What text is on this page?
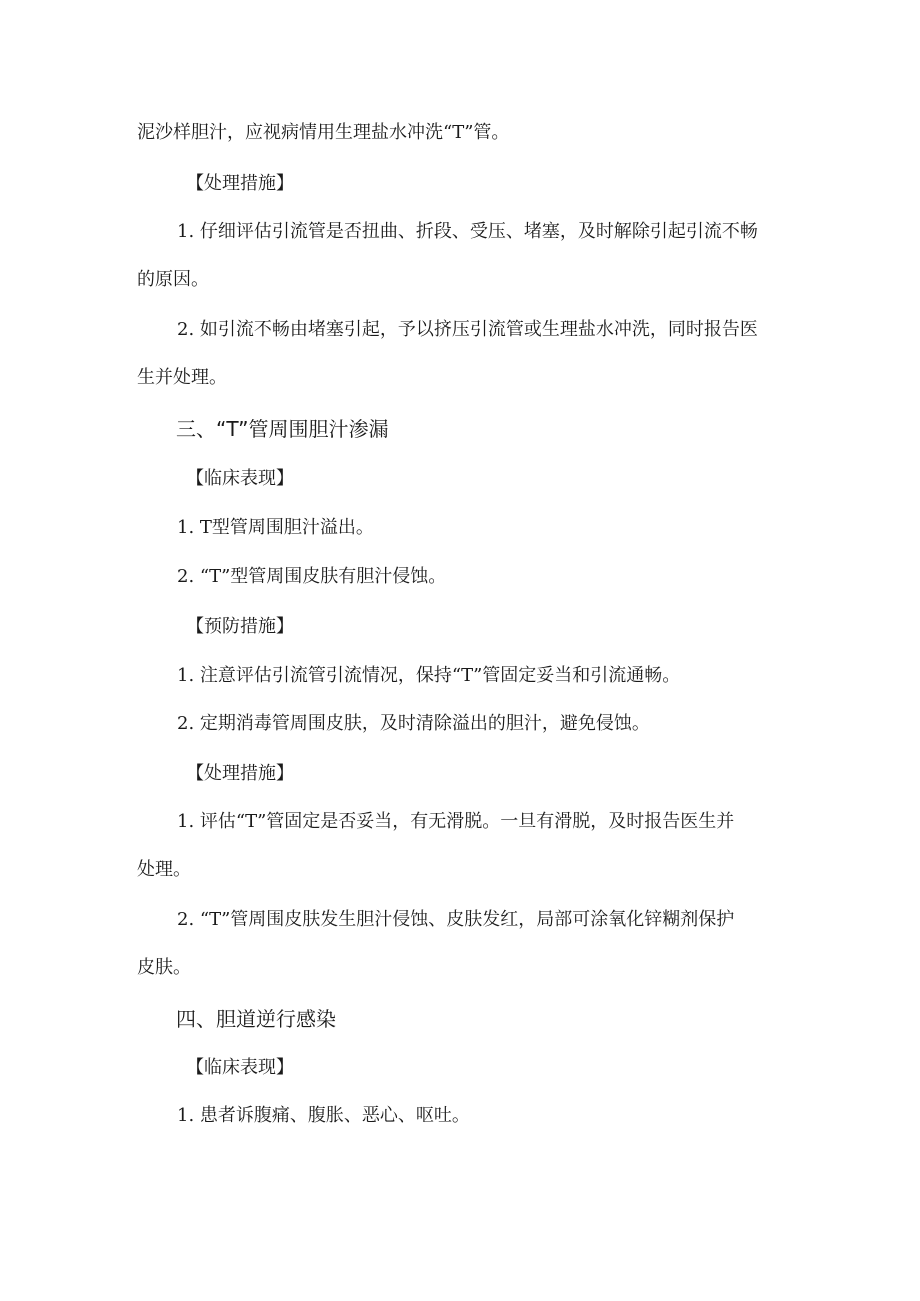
泥沙样胆汁，应视病情用生理盐水冲洗“T”管。
【处理措施】
1. 仔细评估引流管是否扭曲、折段、受压、堵塞，及时解除引起引流不畅
的原因。
2. 如引流不畅由堵塞引起，予以挤压引流管或生理盐水冲洗，同时报告医
生并处理。
三、“T”管周围胆汁渗漏
【临床表现】
1. T型管周围胆汁溢出。
2. “T”型管周围皮肤有胆汁侵蚀。
【预防措施】
1. 注意评估引流管引流情况，保持“T”管固定妥当和引流通畅。
2. 定期消毒管周围皮肤，及时清除溢出的胆汁，避免侵蚀。
【处理措施】
1. 评估“T”管固定是否妥当，有无滑脱。一旦有滑脱，及时报告医生并
处理。
2. “T”管周围皮肤发生胆汁侵蚀、皮肤发红，局部可涂氧化锌糊剂保护
皮肤。
四、胆道逆行感染
【临床表现】
1. 患者诉腹痛、腹胀、恶心、呕吐。
